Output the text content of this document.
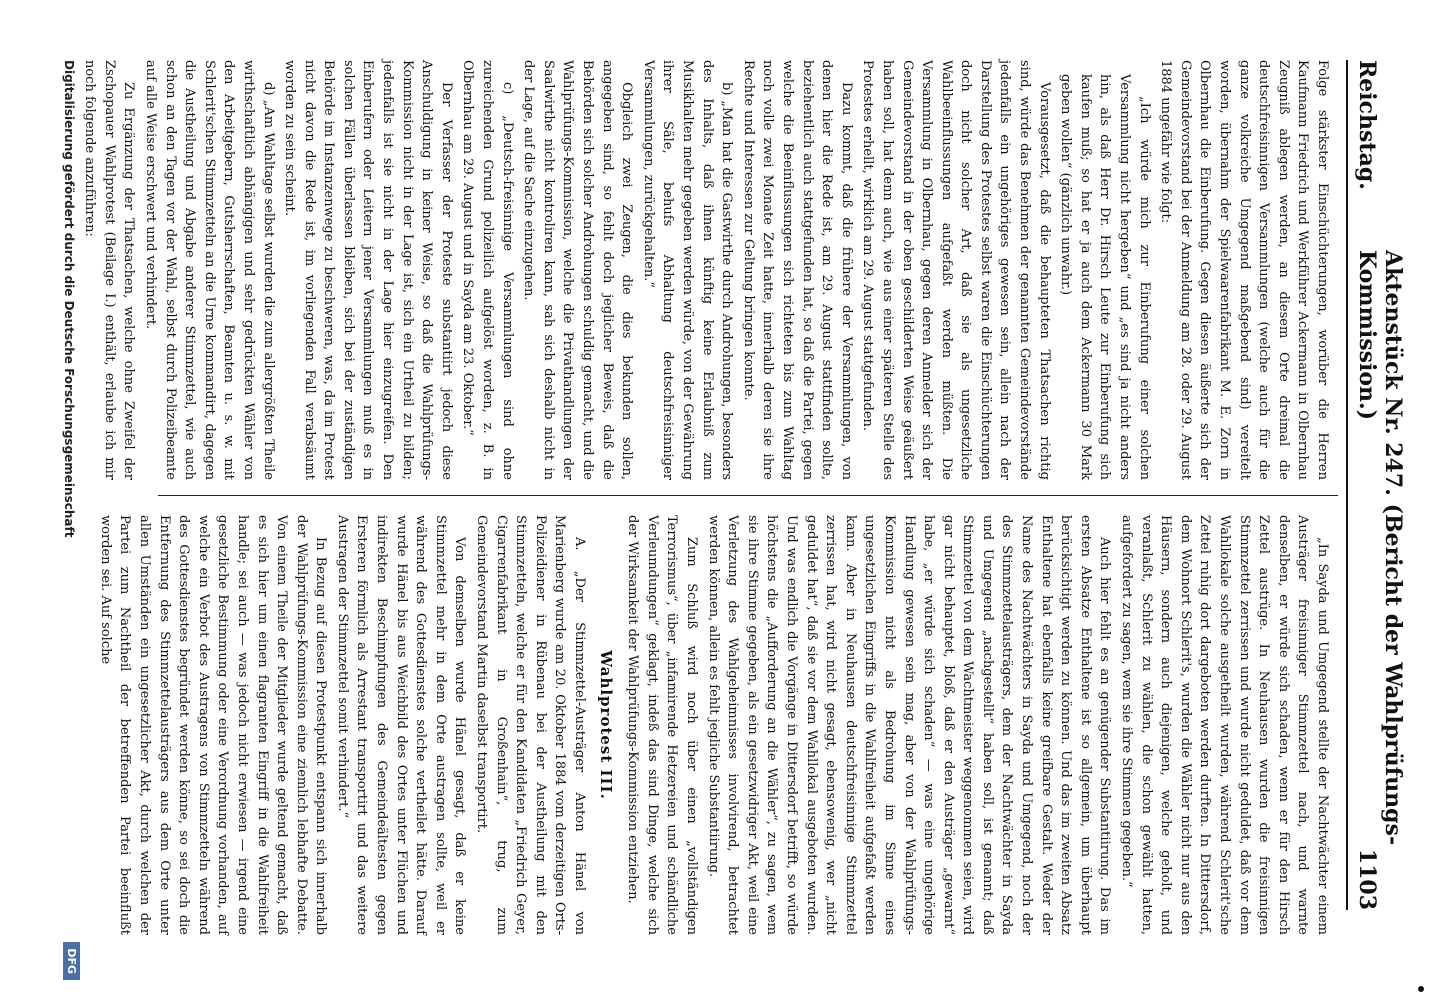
Reichstag.
Aktenstück Nr. 247. (Bericht der Wahlprüfungs-Kommission.)
1103

Folge stärkster Einschüchterungen, worüber die Herren Kaufmann Friedrich und Werkführer Ackermann in Olbernhau Zeugniß ablegen werden, an diesem Orte dreimal die deutschfreisinnigen Versammlungen (welche auch für die ganze volkreiche Umgegend maßgebend sind) vereitelt worden, übernahm der Spielwaarenfabrikant M. E. Zorn in Olbernhau die Einberufung. Gegen diesen äußerte sich der Gemeindevorstand bei der Anmeldung am 28. oder 29. August 1884 ungefähr wie folgt:

„Ich würde mich zur Einberufung einer solchen Versammlung nicht hergeben“ und „es sind ja nicht anders hin, als daß Herr Dr. Hirsch Leute zur Einberufung sich kaufen muß; so hat er ja auch dem Ackermann 30 Mark geben wollen“ (gänzlich unwahr.)

Vorausgesetzt, daß die behaupteten Thatsachen richtig sind, würde das Benehmen der genannten Gemeindevorstände jedenfalls ein ungehöriges gewesen sein, allein nach der Darstellung des Protestes selbst waren die Einschüchterungen doch nicht solcher Art, daß sie als ungesetzliche Wahlbeeinflussungen aufgefaßt werden müßten. Die Versammlung in Olbernhau, gegen deren Anmelder sich der Gemeindevorstand in der oben geschilderten Weise geäußert haben soll, hat denn auch, wie aus einer späteren Stelle des Protestes erhellt, wirklich am 29. August stattgefunden.

Dazu kommt, daß die frühere der Versammlungen, von denen hier die Rede ist, am 29. August stattfinden sollte, beziehentlich auch stattgefunden hat, so daß die Partei, gegen welche die Beeinflussungen sich richteten bis zum Wahltag noch volle zwei Monate Zeit hatte, innerhalb deren sie ihre Rechte und Interessen zur Geltung bringen konnte.

b) „Man hat die Gastwirthe durch Androhungen, besonders des Inhalts, daß ihnen künftig keine Erlaubniß zum Musikhalten mehr gegeben werden würde, von der Gewährung ihrer Säle, behufs Abhaltung deutschfreisinniger Versammlungen, zurückgehalten.“

Obgleich zwei Zeugen, die dies bekunden sollen, angegeben sind, so fehlt doch jeglicher Beweis, daß die Behörden sich solcher Androhungen schuldig gemacht, und die Wahlprüfungs-Kommission, welche die Privathandlungen der Saalwirthe nicht kontroliren kann, sah sich deshalb nicht in der Lage, auf die Sache einzugehen.

c) „Deutsch-freisinnige Versammlungen sind ohne zureichenden Grund polizeilich aufgelöst worden, z. B. in Olbernhau am 29. August und in Sayda am 23. Oktober.“

Der Verfasser der Proteste substantiirt jedoch diese Anschuldigung in keiner Weise, so daß die Wahlprüfungs-Kommission nicht in der Lage ist, sich ein Urtheil zu bilden; jedenfalls ist sie nicht in der Lage hier einzugreifen. Den Einberufern oder Leitern jener Versammlungen muß es in solchen Fällen überlassen bleiben, sich bei der zuständigen Behörde im Instanzenwege zu beschweren, was, da im Protest nicht davon die Rede ist, im vorliegenden Fall verabsäumt worden zu sein scheint.

d) „Am Wahltage selbst wurden die zum allergrößten Theile wirthschaftlich abhängigen und sehr gedrückten Wähler von den Arbeitgebern, Gutsherrschaften, Beamten u. s. w. mit Schlerit'schen Stimmzetteln an die Urne kommandirt, dagegen die Austheilung und Abgabe anderer Stimmzettel, wie auch schon an den Tagen vor der Wahl, selbst durch Polizeibeamte auf alle Weise erschwert und verhindert.

Zu Ergänzung der Thatsachen, welche ohne Zweifel der Zschopauer Wahlprotest (Beilage I.) enthält, erlaube ich mir noch folgende anzuführen:

„In Sayda und Umgegend stellte der Nachtwächter einem Austräger freisinniger Stimmzettel nach, und warnte denselben, er würde sich schaden, wenn er für den Hirsch Zettel austrüge. In Neuhausen wurden die freisinnigen Stimmzettel zerrissen und wurde nicht geduldet, daß vor dem Wahllokale solche ausgetheilt wurden, während Schlerit'sche Zettel ruhig dort dargeboten werden durften. In Ditttersdorf, dem Wohnort Schlerit's, wurden die Wähler nicht nur aus den Häusern, sondern auch diejenigen, welche geholt, und veranlaßt, Schlerit zu wählen, die schon gewählt hatten, aufgefordert zu sagen, wem sie ihre Stimmen gegeben.“

Auch hier fehlt es an genügender Substantiirung. Das im ersten Absatze Enthaltene ist so allgemein, um überhaupt berücksichtigt werden zu können. Und das im zweiten Absatz Enthaltene hat ebenfalls keine greifbare Gestalt. Weder der Name des Nachtwächters in Sayda und Umgegend, noch der des Stimmzettelausträgers, dem der Nachtwächter in Sayda und Umgegend „nachgestellt“ haben soll, ist genannt; daß Stimmzettel von dem Wachtmeister weggenommen seien, wird gar nicht behauptet, bloß, daß er den Austräger „gewarnt“ habe, „er würde sich schaden“ — was eine ungehörige Handlung gewesen sein mag, aber von der Wahlprüfungs-Kommission nicht als Bedrohung im Sinne eines ungesetzlichen Eingriffs in die Wahlfreiheit aufgefaßt werden kann. Aber in Neuhausen deutschfreisinnige Stimmzettel zerrissen hat, wird nicht gesagt, ebensowenig, wer „nicht geduldet hat“, daß sie vor dem Wahllokal ausgeboten wurden. Und was endlich die Vorgänge in Dittersdorf betrifft, so würde höchstens die „Aufforderung an die Wähler“, zu sagen, wem sie ihre Stimme gegeben, als ein gesetzwidriger Akt, weil eine Verletzung des Wahlgeheimnisses involvirend, betrachtet werden können, allein es fehlt jegliche Substantiirung.

Zum Schluß wird noch über einen „vollständigen Terrorismus“, über „infamirende Hetzereien und schändliche Verleumdungen“ geklagt, indeß das sind Dinge, welche sich der Wirksamkeit der Wahlprüfungs-Kommission entziehen.

Wahlprotest III.

A. „Der Stimmzettel-Austräger Anton Hänel von Marienberg wurde am 20. Oktober 1884 vom derzeitigen Orts-Polizeidiener in Rübenau bei der Austheilung mit den Stimmzetteln, welche er für den Kandidaten „Friedrich Geyer, Cigarrenfabrikant in Großenhain“, trug, zum Gemeindevorstand Martin daselbst transportirt.

Von demselben wurde Hänel gesagt, daß er keine Stimmzettel mehr in dem Orte austragen sollte, weil er während des Gottesdienstes solche vertheilet hätte. Darauf wurde Hänel bis aus Weichbild des Ortes unter Flüchen und indirekten Beschimpfungen des Gemeindeältesten gegen Ersteren förmlich als Arrestant transportirt und das weitere Austragen der Stimmzettel somit verhindert.“

In Bezug auf diesen Protestpunkt entspann sich innerhalb der Wahlprüfungs-Kommission eine ziemlich lebhafte Debatte. Von einem Theile der Mitglieder wurde geltend gemacht, daß es sich hier um einen flagranten Eingriff in die Wahlfreiheit handle; sei auch — was jedoch nicht erwiesen — irgend eine gesetzliche Bestimmung oder eine Verordnung vorhanden, auf welche ein Verbot des Austragens von Stimmzetteln während des Gottesdienstes begründet werden könne, so sei doch die Entfernung des Stimmzettelausträgers aus dem Orte unter allen Umständen ein ungesetzlicher Akt, durch welchen der Partei zum Nachtheil der betreffenden Partei beeinflußt worden sei. Auf solche

Digitalisierung gefördert durch die Deutsche Forschungsgemeinschaft
DFG
